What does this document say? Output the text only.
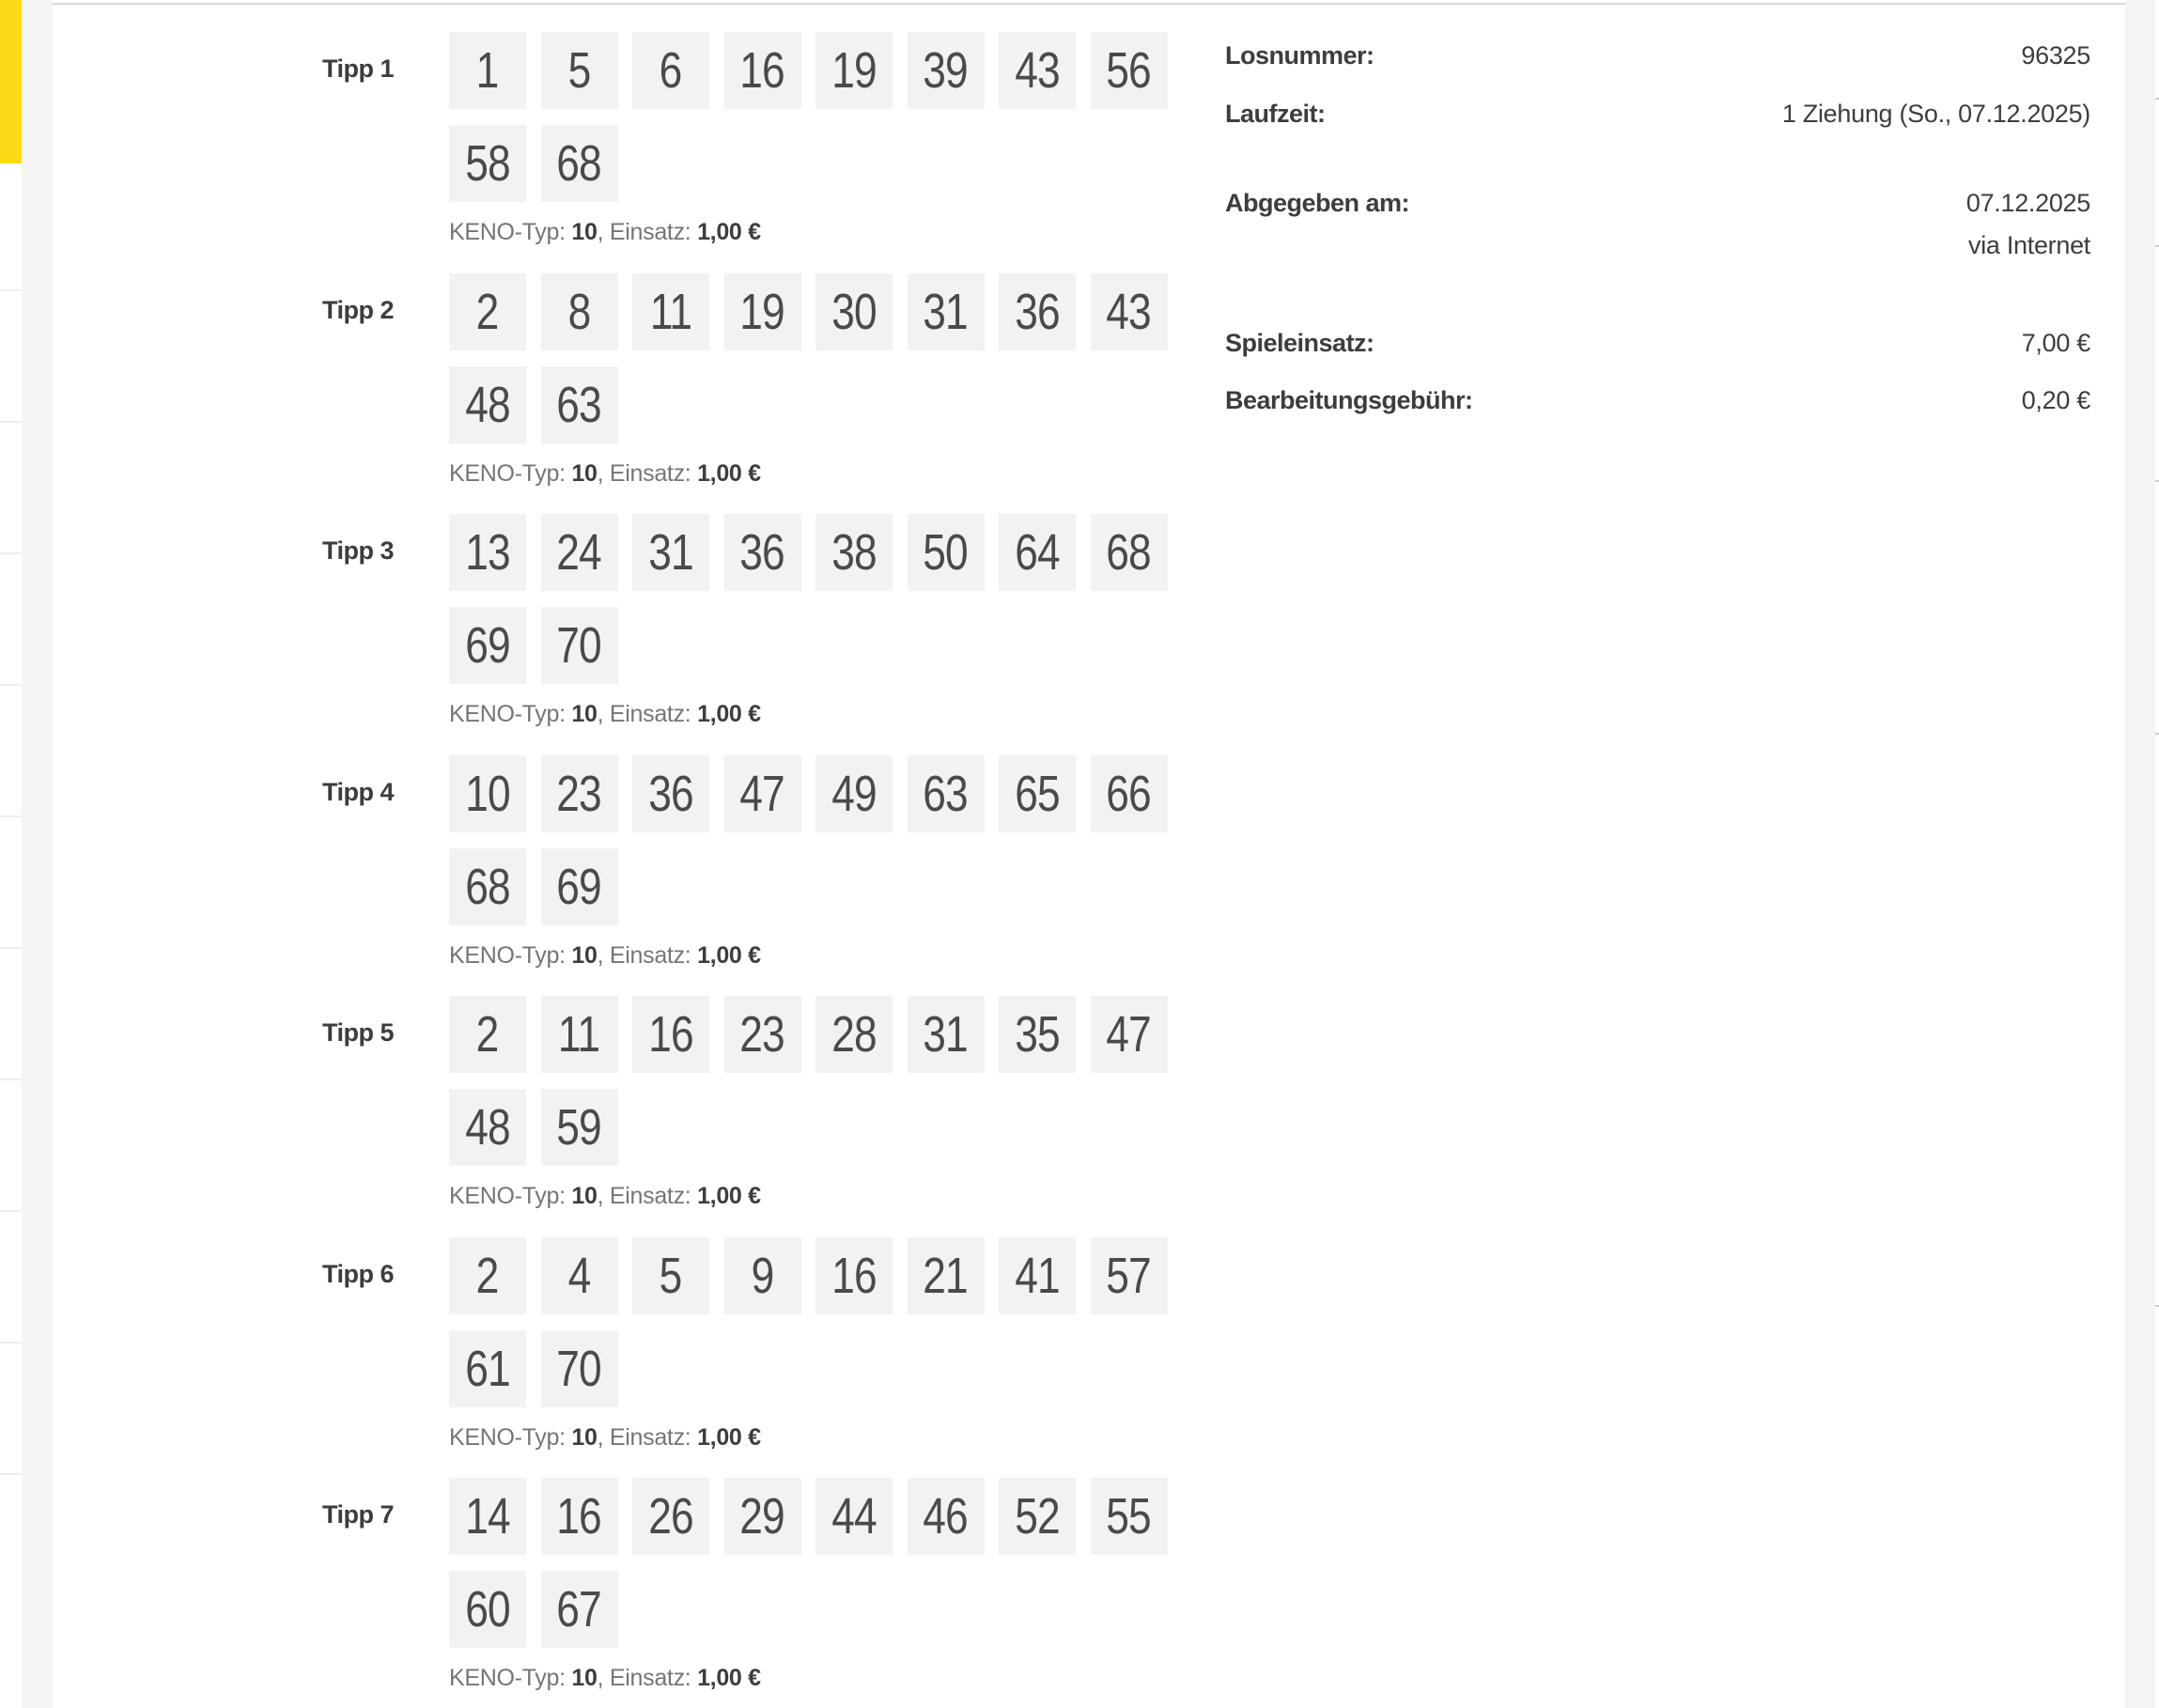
Tipp 1	1 5 6 16 19 39 43 56
58 68
KENO-Typ: 10, Einsatz: 1,00 €
Tipp 2	2 8 11 19 30 31 36 43
48 63
KENO-Typ: 10, Einsatz: 1,00 €
Tipp 3	13 24 31 36 38 50 64 68
69 70
KENO-Typ: 10, Einsatz: 1,00 €
Tipp 4	10 23 36 47 49 63 65 66
68 69
KENO-Typ: 10, Einsatz: 1,00 €
Tipp 5	2 11 16 23 28 31 35 47
48 59
KENO-Typ: 10, Einsatz: 1,00 €
Tipp 6	2 4 5 9 16 21 41 57
61 70
KENO-Typ: 10, Einsatz: 1,00 €
Tipp 7	14 16 26 29 44 46 52 55
60 67
KENO-Typ: 10, Einsatz: 1,00 €
Losnummer:	96325
Laufzeit:	1 Ziehung (So., 07.12.2025)
Abgegeben am:	07.12.2025
via Internet
Spieleinsatz:	7,00 €
Bearbeitungsgebühr:	0,20 €
